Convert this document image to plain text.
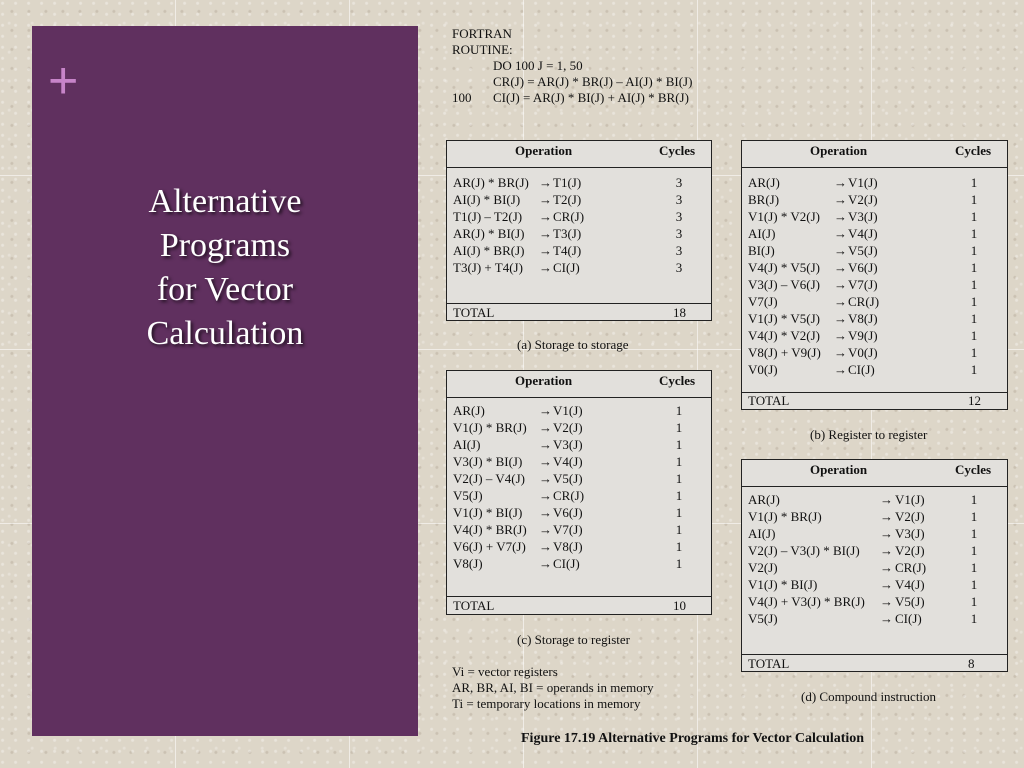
+
Alternative
Programs
for Vector
Calculation
FORTRAN ROUTINE:
DO 100 J = 1, 50
CR(J) = AR(J) * BR(J) – AI(J) * BI(J)
100 CI(J) = AR(J) * BI(J) + AI(J) * BR(J)
Operation	Cycles
AR(J) * BR(J) → T1(J)	3
AI(J) * BI(J) → T2(J)	3
T1(J) – T2(J) → CR(J)	3
AR(J) * BI(J) → T3(J)	3
AI(J) * BR(J) → T4(J)	3
T3(J) + T4(J) → CI(J)	3
TOTAL	18
(a) Storage to storage
Operation	Cycles
AR(J)	→ V1(J)	1
V1(J) * BR(J) → V2(J)	1
AI(J)	→ V3(J)	1
V3(J) * BI(J) → V4(J)	1
V2(J) – V4(J) → V5(J)	1
V5(J)	→ CR(J)	1
V1(J) * BI(J) → V6(J)	1
V4(J) * BR(J) → V7(J)	1
V6(J) + V7(J) → V8(J)	1
V8(J)	→ CI(J)	1
TOTAL	10
(c) Storage to register
Operation	Cycles
AR(J)	→ V1(J)	1
BR(J)	→ V2(J)	1
V1(J) * V2(J) → V3(J)	1
AI(J)	→ V4(J)	1
BI(J)	→ V5(J)	1
V4(J) * V5(J) → V6(J)	1
V3(J) – V6(J) → V7(J)	1
V7(J)	→ CR(J)	1
V1(J) * V5(J) → V8(J)	1
V4(J) * V2(J) → V9(J)	1
V8(J) + V9(J) → V0(J)	1
V0(J)	→ CI(J)	1
TOTAL	12
(b) Register to register
Operation	Cycles
AR(J)	→ V1(J)	1
V1(J) * BR(J)	→ V2(J)	1
AI(J)	→ V3(J)	1
V2(J) – V3(J) * BI(J) → V2(J)	1
V2(J)	→ CR(J)	1
V1(J) * BI(J)	→ V4(J)	1
V4(J) + V3(J) * BR(J) → V5(J)	1
V5(J)	→ CI(J)	1
TOTAL	8
(d) Compound instruction
Vi = vector registers
AR, BR, AI, BI = operands in memory
Ti = temporary locations in memory
Figure 17.19 Alternative Programs for Vector Calculation
